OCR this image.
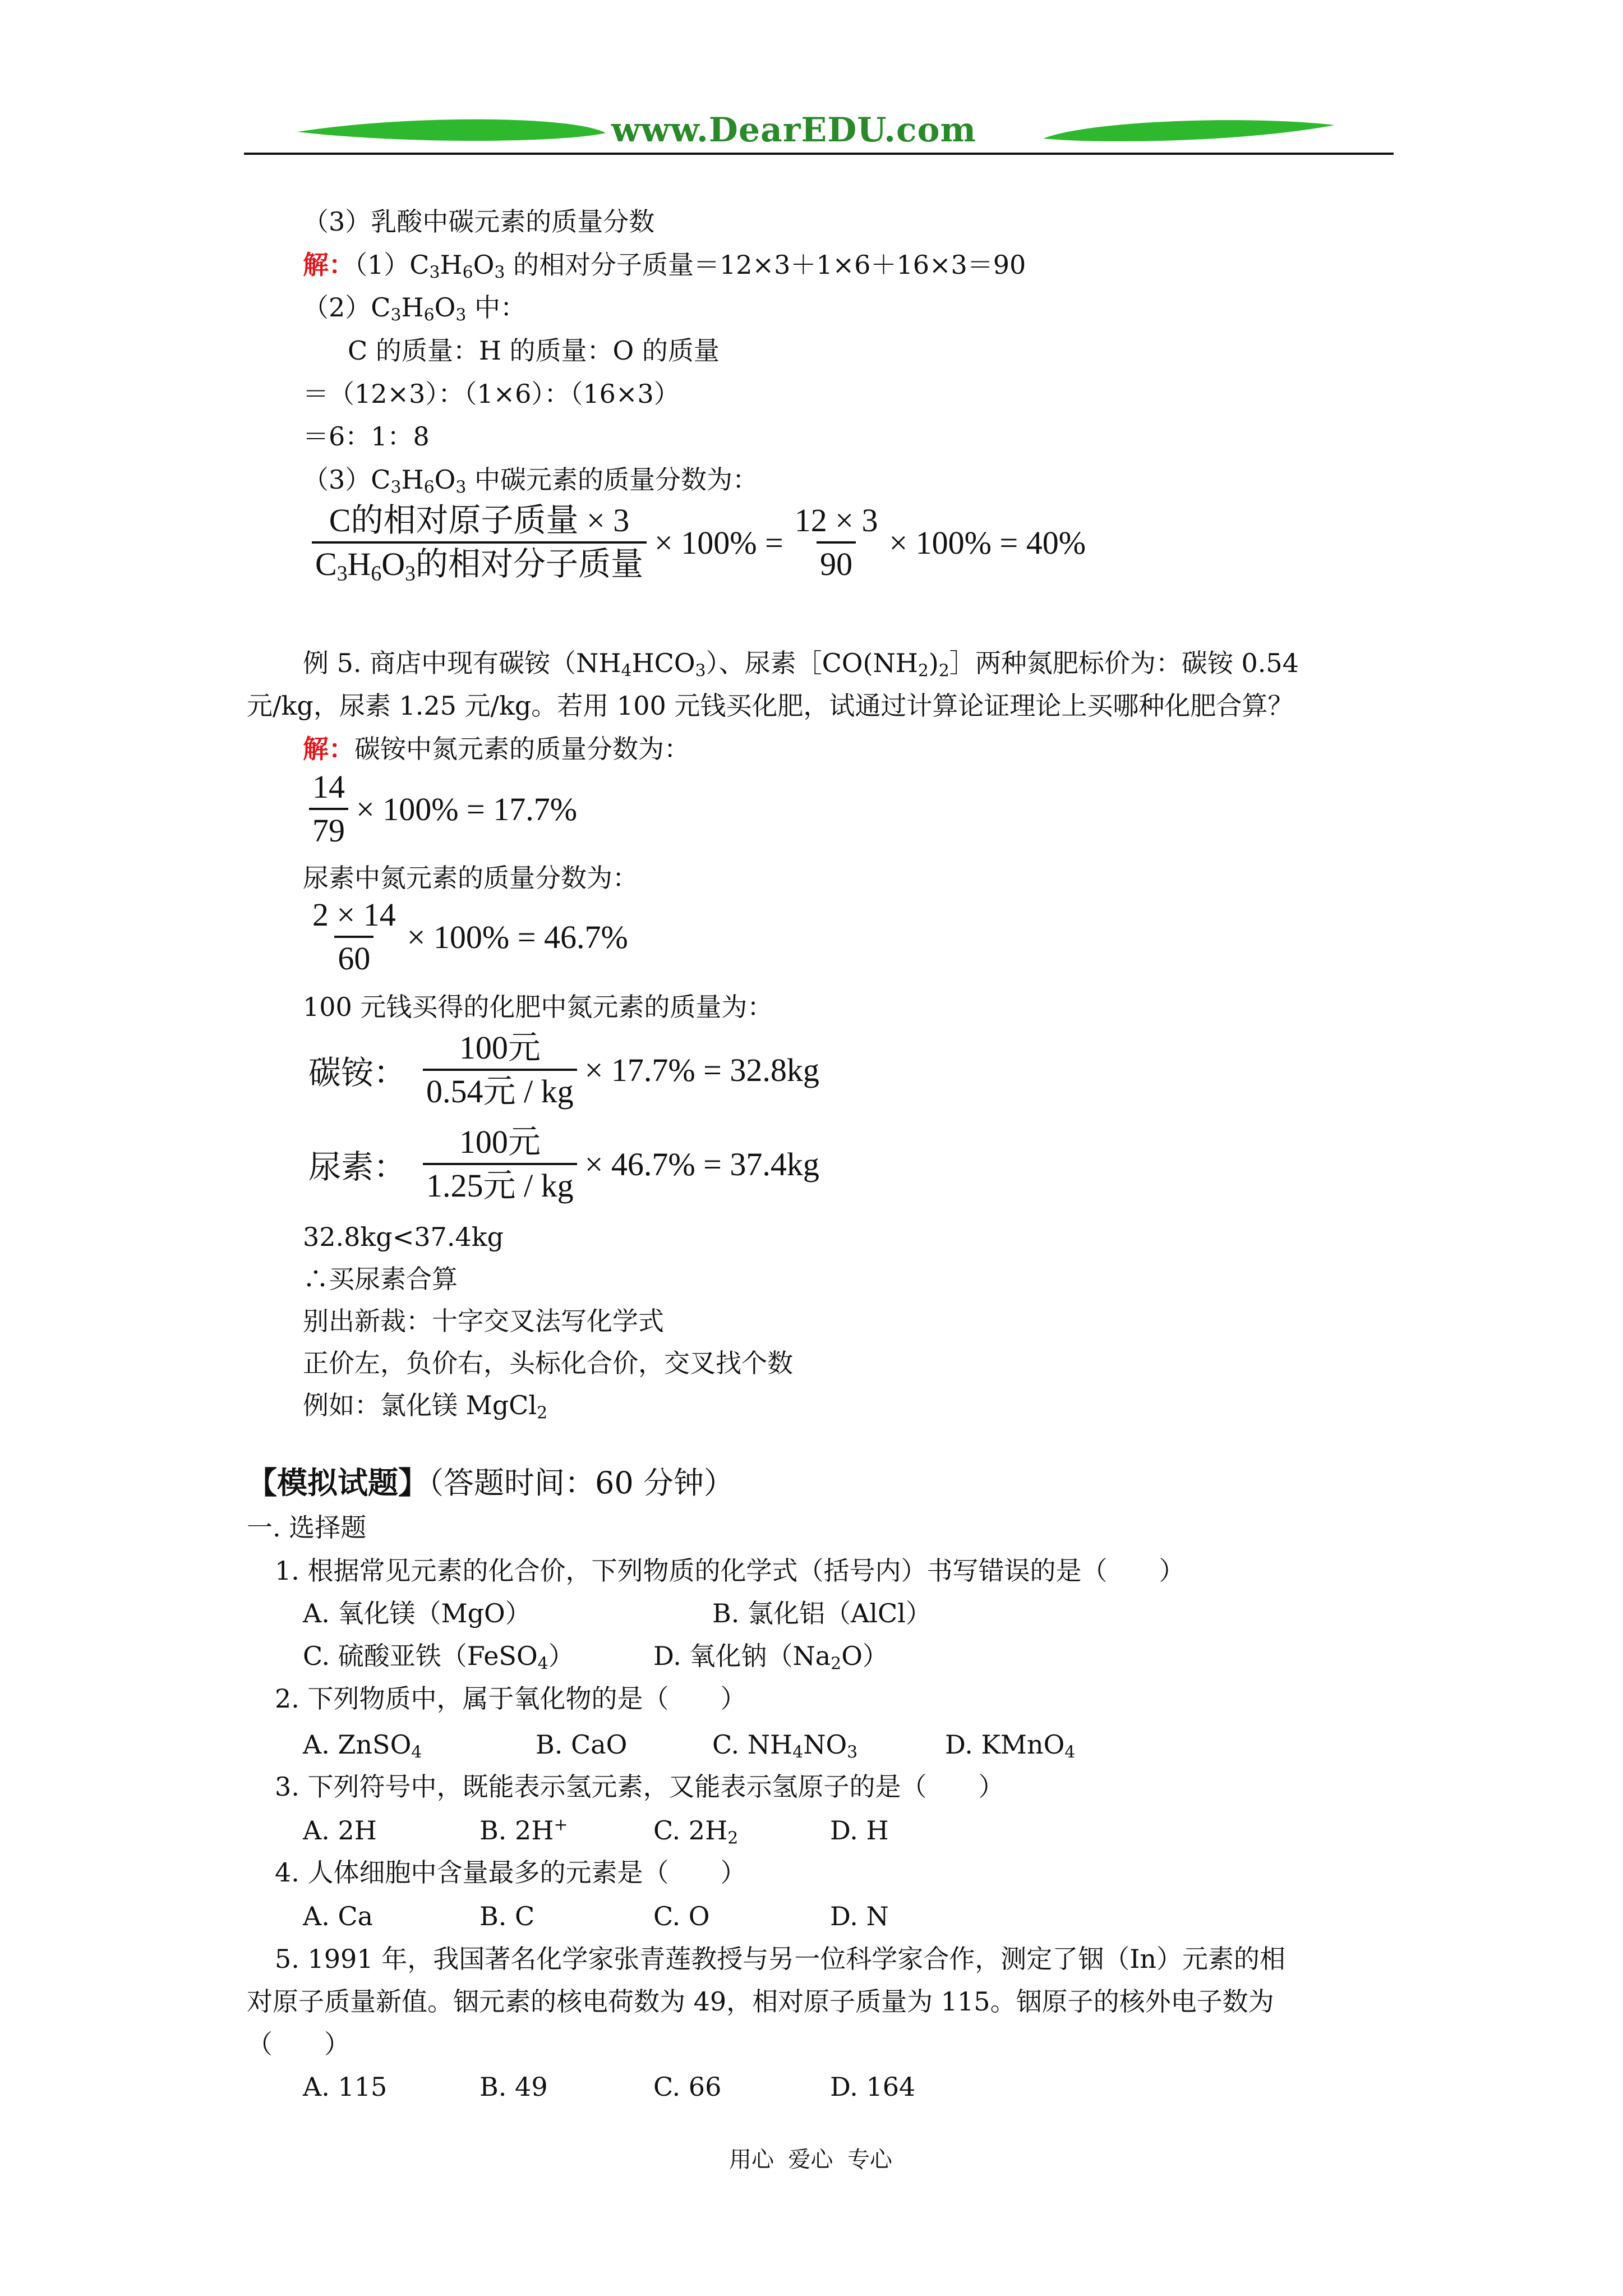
www.DearEDU.com
（3）乳酸中碳元素的质量分数
解：$(1)C_3H_6O_3$ 的相对分子质量＝12×3＋1×6＋16×3＝90
$(2)C_3H_6O_3$ 中：
C 的质量：H 的质量：O 的质量
＝（12×3）：（1×6）：（16×3）
＝6：1：8
$(3)C_3H_6O_3$ 中碳元素的质量分数为：
$\frac{\text{C的相对原子质量 × 3}}{C_3H_6O_3的相对分子质量} \times 100\% = \frac{12 \times 3}{90} \times 100\% = 40\%$
例 5. 商店中现有碳铵$(NH_4HCO_3)$、尿素$[CO(NH_2)_2]$两种氮肥标价为：碳铵 0.54
元/kg，尿素 1.25 元/kg。若用 100 元钱买化肥，试通过计算论证理论上买哪种化肥合算？
解：碳铵中氮元素的质量分数为：
$\frac{14}{79} \times 100\% = 17.7\%$
尿素中氮元素的质量分数为：
$\frac{2 \times 14}{60} \times 100\% = 46.7\%$
100 元钱买得的化肥中氮元素的质量为：
碳铵： $\frac{\text{100元}}{\text{0.54元 / kg}} \times 17.7\% = 32.8kg$
尿素： $\frac{\text{100元}}{\text{1.25元 / kg}} \times 46.7\% = 37.4kg$
32.8kg<37.4kg
∴买尿素合算
别出新裁：十字交叉法写化学式
正价左，负价右，头标化合价，交叉找个数
例如：氯化镁 MgCl$_2$
【模拟试题】（答题时间：60 分钟）
一. 选择题
1. 根据常见元素的化合价，下列物质的化学式（括号内）书写错误的是（　　）
A. 氧化镁（MgO）	B. 氯化铝（AlCl）
C. 硫酸亚铁（FeSO$_4$）	D. 氧化钠$(Na_2O)$
2. 下列物质中，属于氧化物的是（　　）
A. ZnSO$_4$	B. CaO	C. $NH_4NO_3$	D. KMnO$_4$
3. 下列符号中，既能表示氢元素，又能表示氢原子的是（　　）
A. 2H	B. 2H+	C. $2H_2$	D. H
4. 人体细胞中含量最多的元素是（　　）
A. Ca	B. C	C. O	D. N
5. 1991 年，我国著名化学家张青莲教授与另一位科学家合作，测定了铟（In）元素的相
对原子质量新值。铟元素的核电荷数为 49，相对原子质量为 115。铟原子的核外电子数为
（　　）
A. 115	B. 49	C. 66	D. 164
用心  爱心  专心
